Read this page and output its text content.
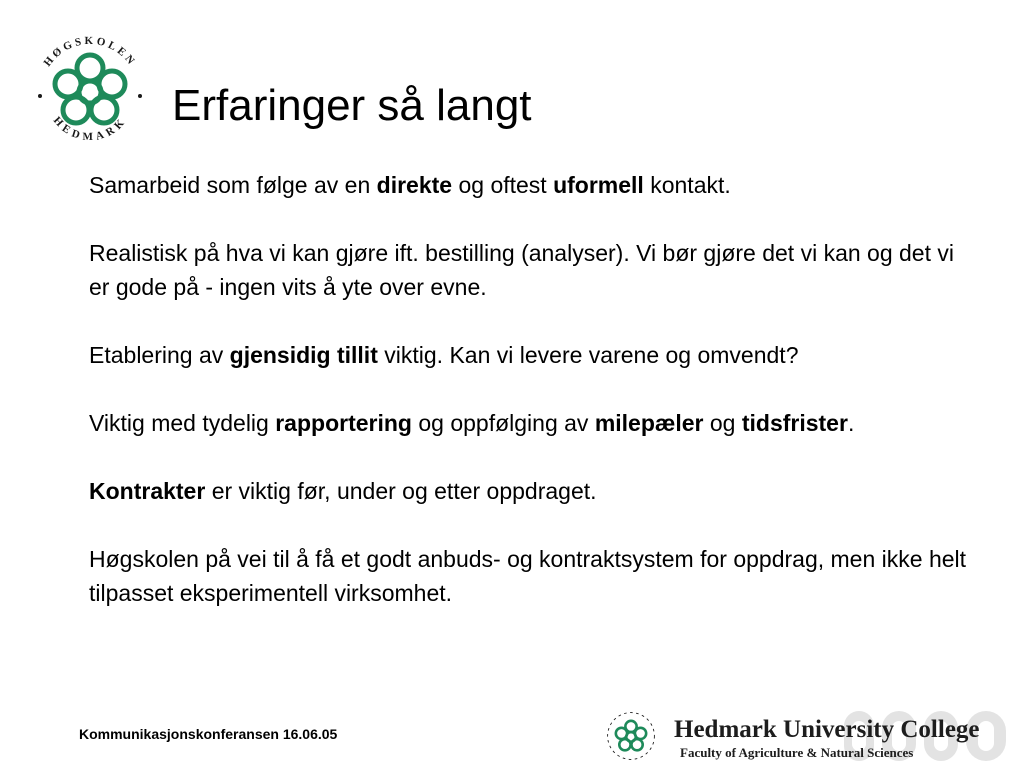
HØGSKOLEN
HEDMARK Erfaringer så langt

Samarbeid som følge av en direkte og oftest uformell kontakt.

Realistisk på hva vi kan gjøre ift. bestilling (analyser). Vi bør gjøre det vi kan og det vi er gode på - ingen vits å yte over evne.

Etablering av gjensidig tillit viktig. Kan vi levere varene og omvendt?

Viktig med tydelig rapportering og oppfølging av milepæler og tidsfrister.

Kontrakter er viktig før, under og etter oppdraget.

Høgskolen på vei til å få et godt anbuds- og kontraktsystem for oppdrag, men ikke helt tilpasset eksperimentell virksomhet.

Kommunikasjonskonferansen 16.06.05	Hedmark University College
Faculty of Agriculture & Natural Sciences
